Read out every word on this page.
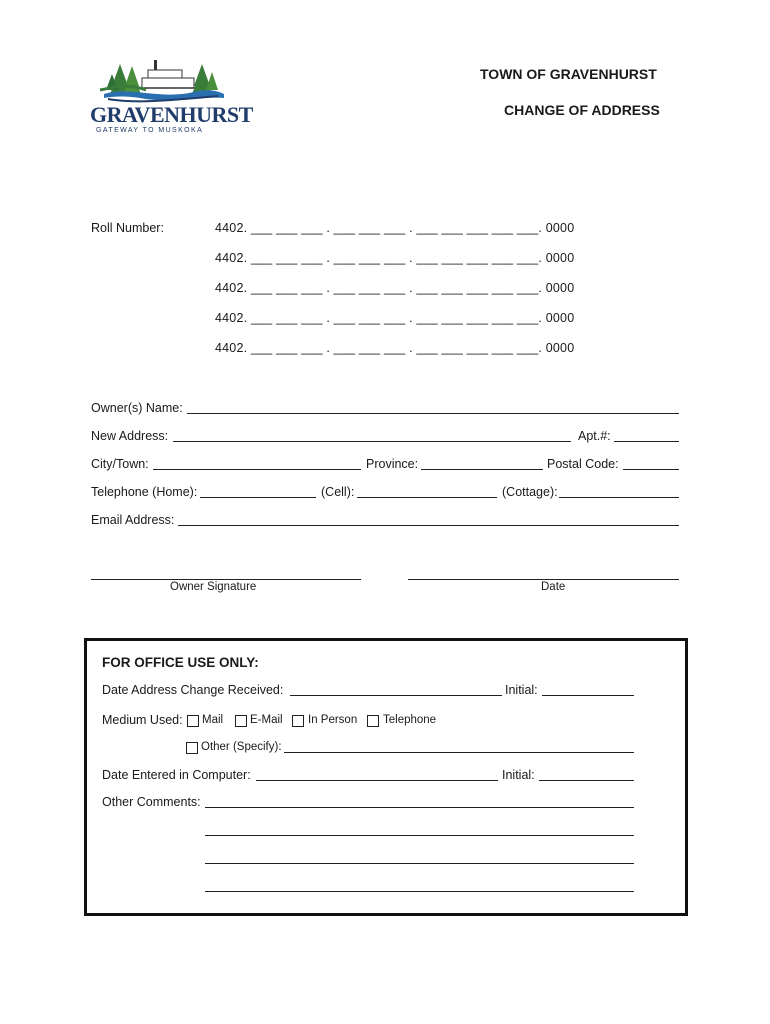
GRAVENHURST
GATEWAY TO MUSKOKA
TOWN OF GRAVENHURST
CHANGE OF ADDRESS
Roll Number:	4402. ___ ___ ___ . ___ ___ ___ . ___ ___ ___ ___ ___. 0000
4402. ___ ___ ___ . ___ ___ ___ . ___ ___ ___ ___ ___. 0000
4402. ___ ___ ___ . ___ ___ ___ . ___ ___ ___ ___ ___. 0000
4402. ___ ___ ___ . ___ ___ ___ . ___ ___ ___ ___ ___. 0000
4402. ___ ___ ___ . ___ ___ ___ . ___ ___ ___ ___ ___. 0000
Owner(s) Name:
New Address:	Apt.#:
City/Town:	Province:	Postal Code:
Telephone (Home):	(Cell):	(Cottage):
Email Address:
Owner Signature	Date
FOR OFFICE USE ONLY:
Date Address Change Received:	Initial:
Medium Used: Mail E-Mail In Person Telephone
Other (Specify):
Date Entered in Computer:	Initial:
Other Comments:
